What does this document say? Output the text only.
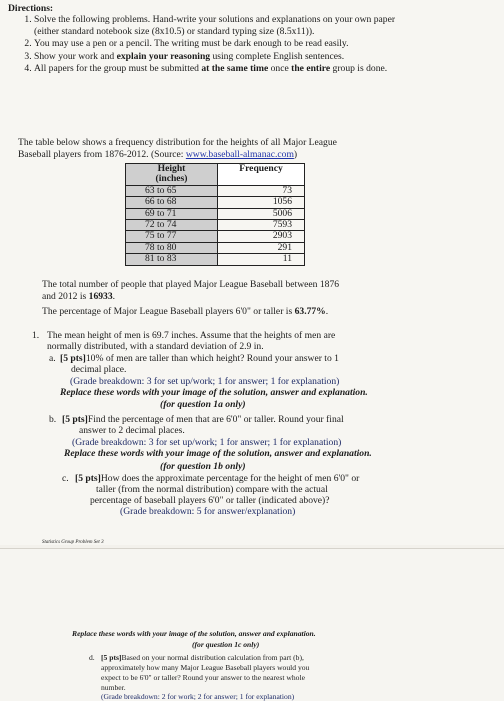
Directions:
1. Solve the following problems. Hand-write your solutions and explanations on your own paper (either standard notebook size (8x10.5) or standard typing size (8.5x11)).
2. You may use a pen or a pencil. The writing must be dark enough to be read easily.
3. Show your work and explain your reasoning using complete English sentences.
4. All papers for the group must be submitted at the same time once the entire group is done.
The table below shows a frequency distribution for the heights of all Major League
Baseball players from 1876-2012. (Source: www.baseball-almanac.com)
Height
(inches)	Frequency
63 to 65	73
66 to 68	1056
69 to 71	5006
72 to 74	7593
75 to 77	2903
78 to 80	291
81 to 83	11
The total number of people that played Major League Baseball between 1876
and 2012 is 16933.
The percentage of Major League Baseball players 6'0" or taller is 63.77%.
1. The mean height of men is 69.7 inches. Assume that the heights of men are
normally distributed, with a standard deviation of 2.9 in.
a. [5 pts]10% of men are taller than which height? Round your answer to 1
decimal place.
(Grade breakdown: 3 for set up/work; 1 for answer; 1 for explanation)
Replace these words with your image of the solution, answer and explanation.
(for question 1a only)
b. [5 pts]Find the percentage of men that are 6'0" or taller. Round your final
answer to 2 decimal places.
(Grade breakdown: 3 for set up/work; 1 for answer; 1 for explanation)
Replace these words with your image of the solution, answer and explanation.
(for question 1b only)
c. [5 pts]How does the approximate percentage for the height of men 6'0" or
taller (from the normal distribution) compare with the actual
percentage of baseball players 6'0" or taller (indicated above)?
(Grade breakdown: 5 for answer/explanation)
Statistics Group Problem Set 3
Replace these words with your image of the solution, answer and explanation.
(for question 1c only)
d. [5 pts]Based on your normal distribution calculation from part (b),
approximately how many Major League Baseball players would you
expect to be 6'0" or taller? Round your answer to the nearest whole
number.
(Grade breakdown: 2 for work; 2 for answer; 1 for explanation)
